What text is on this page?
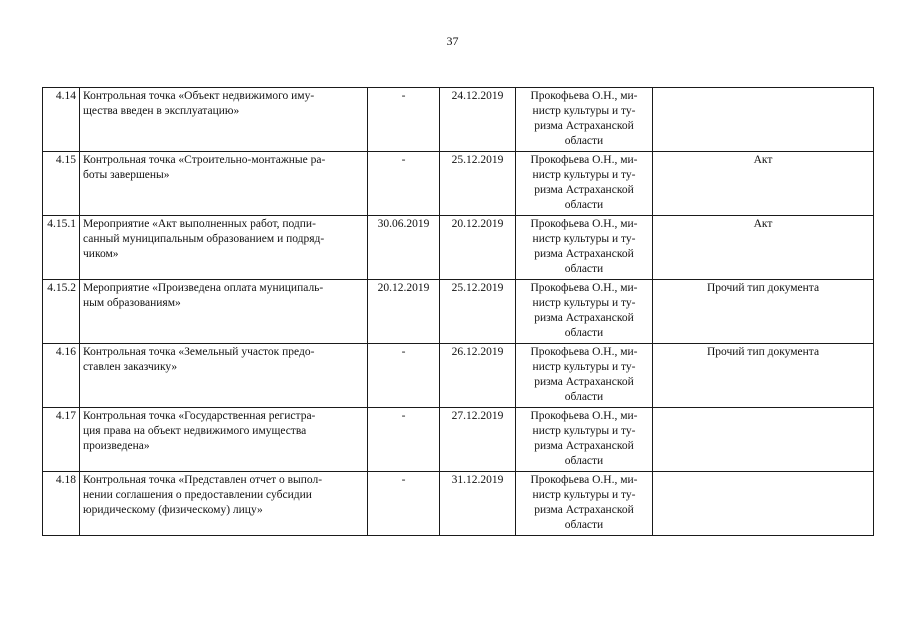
37
4.14	Контрольная точка «Объект недвижимого иму-
щества введен в эксплуатацию»	-	24.12.2019	Прокофьева О.Н., ми-
нистр культуры и ту-
ризма Астраханской
области	

4.15	Контрольная точка «Строительно-монтажные ра-
боты завершены»	-	25.12.2019	Прокофьева О.Н., ми-
нистр культуры и ту-
ризма Астраханской
области	Акт
4.15.1	Мероприятие «Акт выполненных работ, подпи-
санный муниципальным образованием и подряд-
чиком»	30.06.2019	20.12.2019	Прокофьева О.Н., ми-
нистр культуры и ту-
ризма Астраханской
области	Акт
4.15.2	Мероприятие «Произведена оплата муниципаль-
ным образованиям»	20.12.2019	25.12.2019	Прокофьева О.Н., ми-
нистр культуры и ту-
ризма Астраханской
области	Прочий тип документа
4.16	Контрольная точка «Земельный участок предо-
ставлен заказчику»	-	26.12.2019	Прокофьева О.Н., ми-
нистр культуры и ту-
ризма Астраханской
области	Прочий тип документа
4.17	Контрольная точка «Государственная регистра-
ция права на объект недвижимого имущества
произведена»	-	27.12.2019	Прокофьева О.Н., ми-
нистр культуры и ту-
ризма Астраханской
области	

4.18	Контрольная точка «Представлен отчет о выпол-
нении соглашения о предоставлении субсидии
юридическому (физическому) лицу»	-	31.12.2019	Прокофьева О.Н., ми-
нистр культуры и ту-
ризма Астраханской
области	
